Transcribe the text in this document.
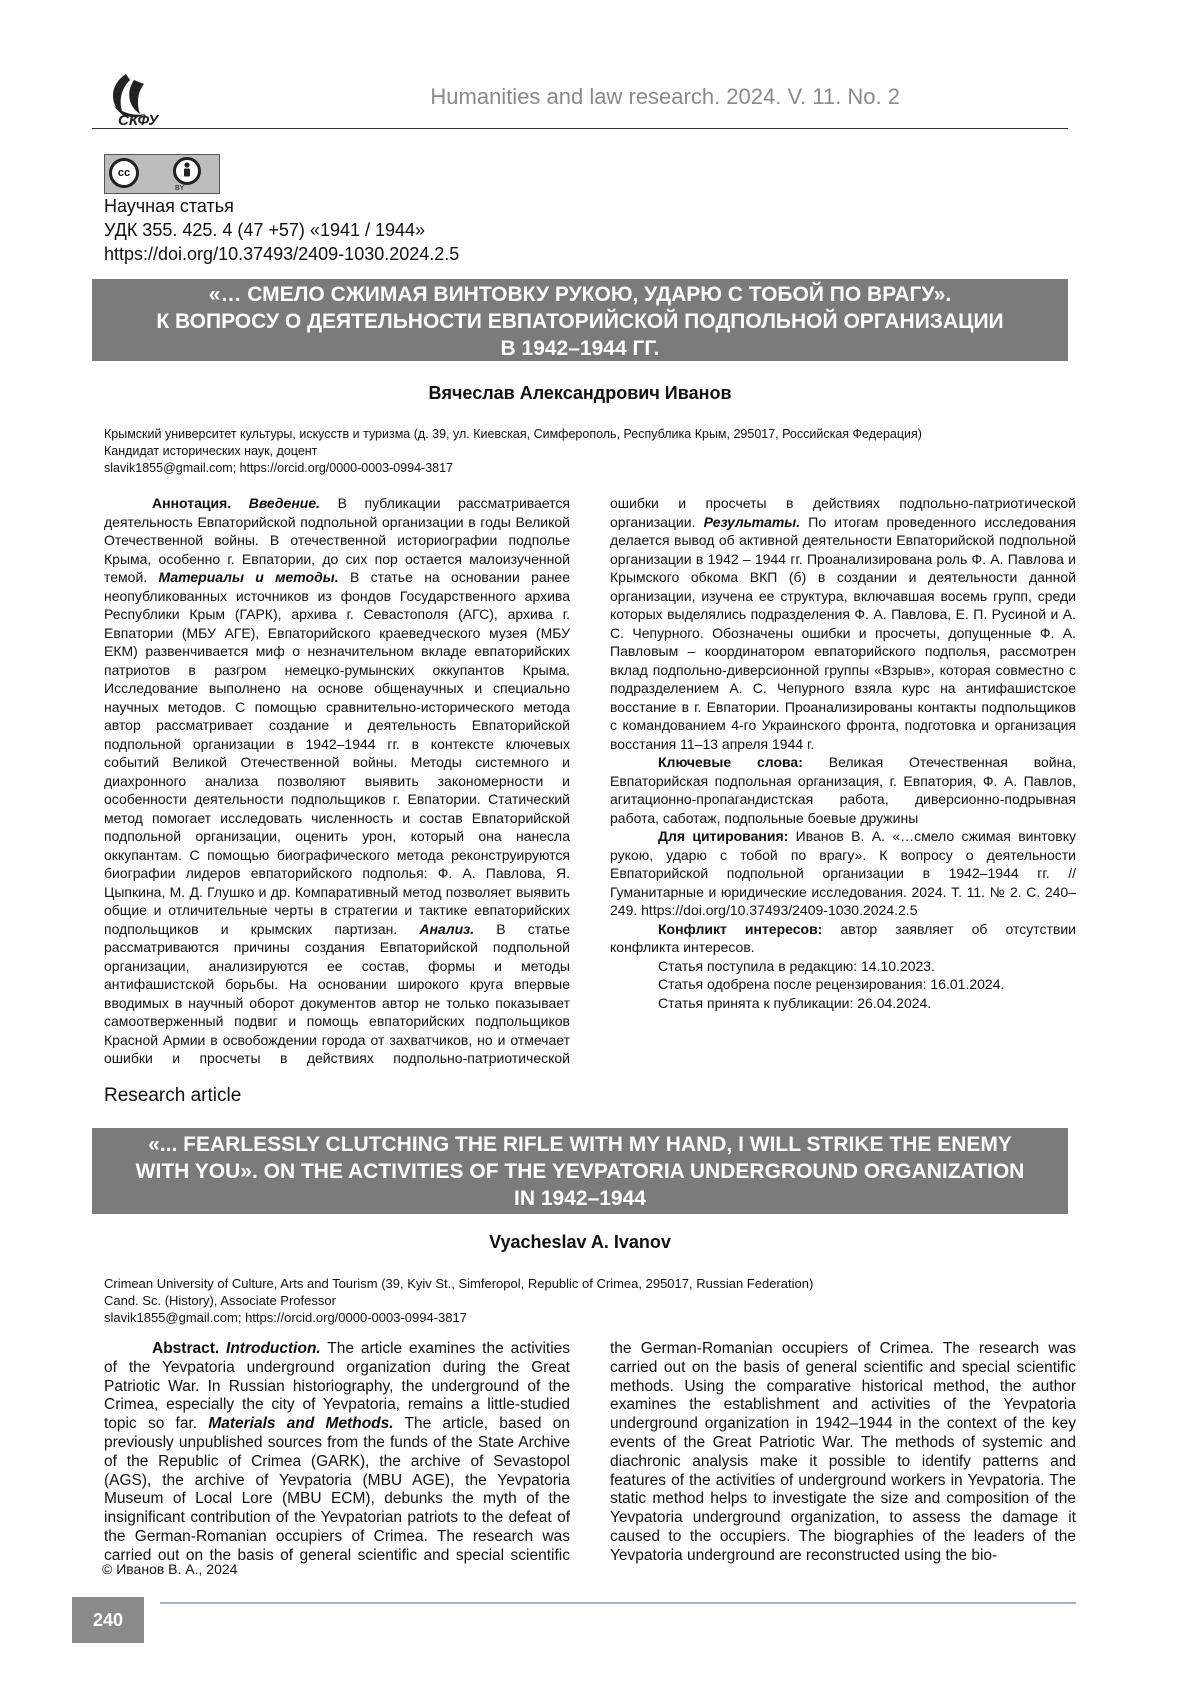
СКФУ
Humanities and law research. 2024. V. 11. No. 2
cc
BY
Научная статья
УДК 355. 425. 4 (47 +57) «1941 / 1944»
https://doi.org/10.37493/2409-1030.2024.2.5
«… СМЕЛО СЖИМАЯ ВИНТОВКУ РУКОЮ, УДАРЮ С ТОБОЙ ПО ВРАГУ».
К ВОПРОСУ О ДЕЯТЕЛЬНОСТИ ЕВПАТОРИЙСКОЙ ПОДПОЛЬНОЙ ОРГАНИЗАЦИИ
В 1942–1944 ГГ.
Вячеслав Александрович Иванов
Крымский университет культуры, искусств и туризма (д. 39, ул. Киевская, Симферополь, Республика Крым, 295017, Российская Федерация)
Кандидат исторических наук, доцент
slavik1855@gmail.com; https://orcid.org/0000-0003-0994-3817

Аннотация. Введение. В публикации рассматривается деятельность Евпаторийской подпольной организации в годы Великой Отечественной войны. В отечественной историографии подполье Крыма, особенно г. Евпатории, до сих пор остается малоизученной темой. Материалы и методы. В статье на основании ранее неопубликованных источников из фондов Государственного архива Республики Крым (ГАРК), архива г. Севастополя (АГС), архива г. Евпатории (МБУ АГЕ), Евпаторийского краеведческого музея (МБУ ЕКМ) развенчивается миф о незначительном вкладе евпаторийских патриотов в разгром немецко-румынских оккупантов Крыма. Исследование выполнено на основе общенаучных и специально научных методов. С помощью сравнительно-исторического метода автор рассматривает создание и деятельность Евпаторийской подпольной организации в 1942–1944 гг. в контексте ключевых событий Великой Отечественной войны. Методы системного и диахронного анализа позволяют выявить закономерности и особенности деятельности подпольщиков г. Евпатории. Статический метод помогает исследовать численность и состав Евпаторийской подпольной организации, оценить урон, который она нанесла оккупантам. С помощью биографического метода реконструируются биографии лидеров евпаторийского подполья: Ф. А. Павлова, Я. Цыпкина, М. Д. Глушко и др. Компаративный метод позволяет выявить общие и отличительные черты в стратегии и тактике евпаторийских подпольщиков и крымских партизан. Анализ. В статье рассматриваются причины создания Евпаторийской подпольной организации, анализируются ее состав, формы и методы антифашистской борьбы. На основании широкого круга впервые вводимых в научный оборот документов автор не только показывает самоотверженный подвиг и помощь евпаторийских подпольщиков Красной Армии в освобождении города от захватчиков, но и отмечает ошибки и просчеты в действиях подпольно-патриотической

ошибки и просчеты в действиях подпольно-патриотической организации. Результаты. По итогам проведенного исследования делается вывод об активной деятельности Евпаторийской подпольной организации в 1942 – 1944 гг. Проанализирована роль Ф. А. Павлова и Крымского обкома ВКП (б) в создании и деятельности данной организации, изучена ее структура, включавшая восемь групп, среди которых выделялись подразделения Ф. А. Павлова, Е. П. Русиной и А. С. Чепурного. Обозначены ошибки и просчеты, допущенные Ф. А. Павловым – координатором евпаторийского подполья, рассмотрен вклад подпольно-диверсионной группы «Взрыв», которая совместно с подразделением А. С. Чепурного взяла курс на антифашистское восстание в г. Евпатории. Проанализированы контакты подпольщиков с командованием 4-го Украинского фронта, подготовка и организация восстания 11–13 апреля 1944 г.

Ключевые слова: Великая Отечественная война, Евпаторийская подпольная организация, г. Евпатория, Ф. А. Павлов, агитационно-пропагандистская работа, диверсионно-подрывная работа, саботаж, подпольные боевые дружины

Для цитирования: Иванов В. А. «…смело сжимая винтовку рукою, ударю с тобой по врагу». К вопросу о деятельности Евпаторийской подпольной организации в 1942–1944 гг. // Гуманитарные и юридические исследования. 2024. Т. 11. № 2. С. 240–249. https://doi.org/10.37493/2409-1030.2024.2.5

Конфликт интересов: автор заявляет об отсутствии конфликта интересов.

Статья поступила в редакцию: 14.10.2023.

Статья одобрена после рецензирования: 16.01.2024.

Статья принята к публикации: 26.04.2024.

Research article
«... FEARLESSLY CLUTCHING THE RIFLE WITH MY HAND, I WILL STRIKE THE ENEMY
WITH YOU». ON THE ACTIVITIES OF THE YEVPATORIA UNDERGROUND ORGANIZATION
IN 1942–1944
Vyacheslav A. Ivanov
Crimean University of Culture, Arts and Tourism (39, Kyiv St., Simferopol, Republic of Crimea, 295017, Russian Federation)
Cand. Sc. (History), Associate Professor
slavik1855@gmail.com; https://orcid.org/0000-0003-0994-3817

Abstract. Introduction. The article examines the activities of the Yevpatoria underground organization during the Great Patriotic War. In Russian historiography, the underground of the Crimea, especially the city of Yevpatoria, remains a little-studied topic so far. Materials and Methods. The article, based on previously unpublished sources from the funds of the State Archive of the Republic of Crimea (GARK), the archive of Sevastopol (AGS), the archive of Yevpatoria (MBU AGE), the Yevpatoria Museum of Local Lore (MBU ECM), debunks the myth of the insignificant contribution of the Yevpatorian patriots to the defeat of the German-Romanian occupiers of Crimea. The research was carried out on the basis of general scientific and special scientific

the German-Romanian occupiers of Crimea. The research was carried out on the basis of general scientific and special scientific methods. Using the comparative historical method, the author examines the establishment and activities of the Yevpatoria underground organization in 1942–1944 in the context of the key events of the Great Patriotic War. The methods of systemic and diachronic analysis make it possible to identify patterns and features of the activities of underground workers in Yevpatoria. The static method helps to investigate the size and composition of the Yevpatoria underground organization, to assess the damage it caused to the occupiers. The biographies of the leaders of the Yevpatoria underground are reconstructed using the bio-

© Иванов В. А., 2024
240
